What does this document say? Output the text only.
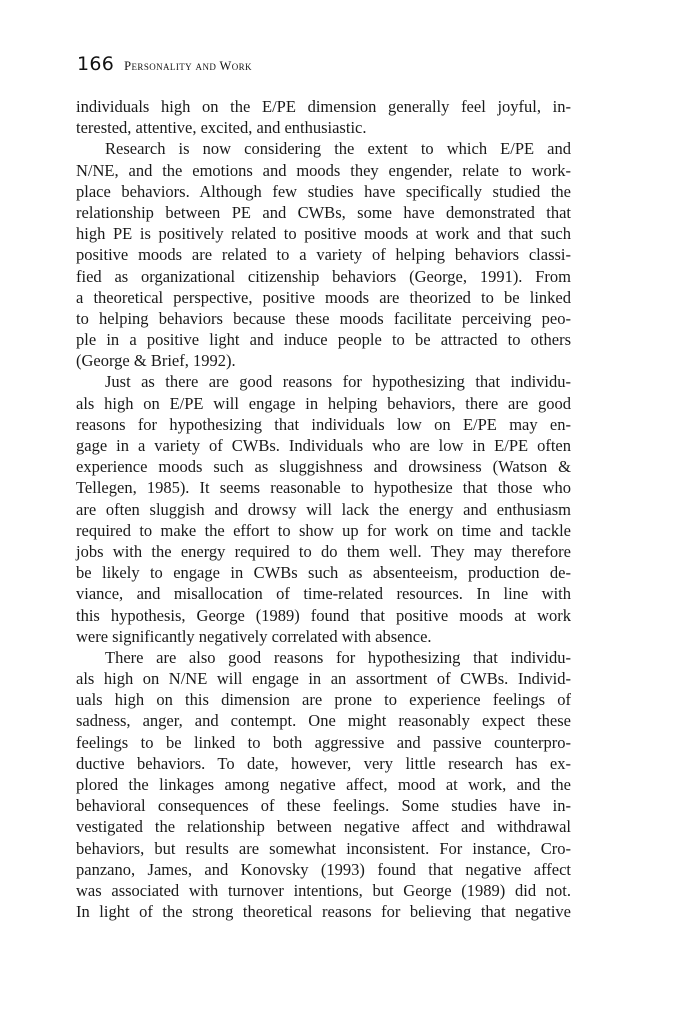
166 Personality and Work
individuals high on the E/PE dimension generally feel joyful, in-
terested, attentive, excited, and enthusiastic.
Research is now considering the extent to which E/PE and
N/NE, and the emotions and moods they engender, relate to work-
place behaviors. Although few studies have specifically studied the
relationship between PE and CWBs, some have demonstrated that
high PE is positively related to positive moods at work and that such
positive moods are related to a variety of helping behaviors classi-
fied as organizational citizenship behaviors (George, 1991). From
a theoretical perspective, positive moods are theorized to be linked
to helping behaviors because these moods facilitate perceiving peo-
ple in a positive light and induce people to be attracted to others
(George & Brief, 1992).
Just as there are good reasons for hypothesizing that individu-
als high on E/PE will engage in helping behaviors, there are good
reasons for hypothesizing that individuals low on E/PE may en-
gage in a variety of CWBs. Individuals who are low in E/PE often
experience moods such as sluggishness and drowsiness (Watson &
Tellegen, 1985). It seems reasonable to hypothesize that those who
are often sluggish and drowsy will lack the energy and enthusiasm
required to make the effort to show up for work on time and tackle
jobs with the energy required to do them well. They may therefore
be likely to engage in CWBs such as absenteeism, production de-
viance, and misallocation of time-related resources. In line with
this hypothesis, George (1989) found that positive moods at work
were significantly negatively correlated with absence.
There are also good reasons for hypothesizing that individu-
als high on N/NE will engage in an assortment of CWBs. Individ-
uals high on this dimension are prone to experience feelings of
sadness, anger, and contempt. One might reasonably expect these
feelings to be linked to both aggressive and passive counterpro-
ductive behaviors. To date, however, very little research has ex-
plored the linkages among negative affect, mood at work, and the
behavioral consequences of these feelings. Some studies have in-
vestigated the relationship between negative affect and withdrawal
behaviors, but results are somewhat inconsistent. For instance, Cro-
panzano, James, and Konovsky (1993) found that negative affect
was associated with turnover intentions, but George (1989) did not.
In light of the strong theoretical reasons for believing that negative
